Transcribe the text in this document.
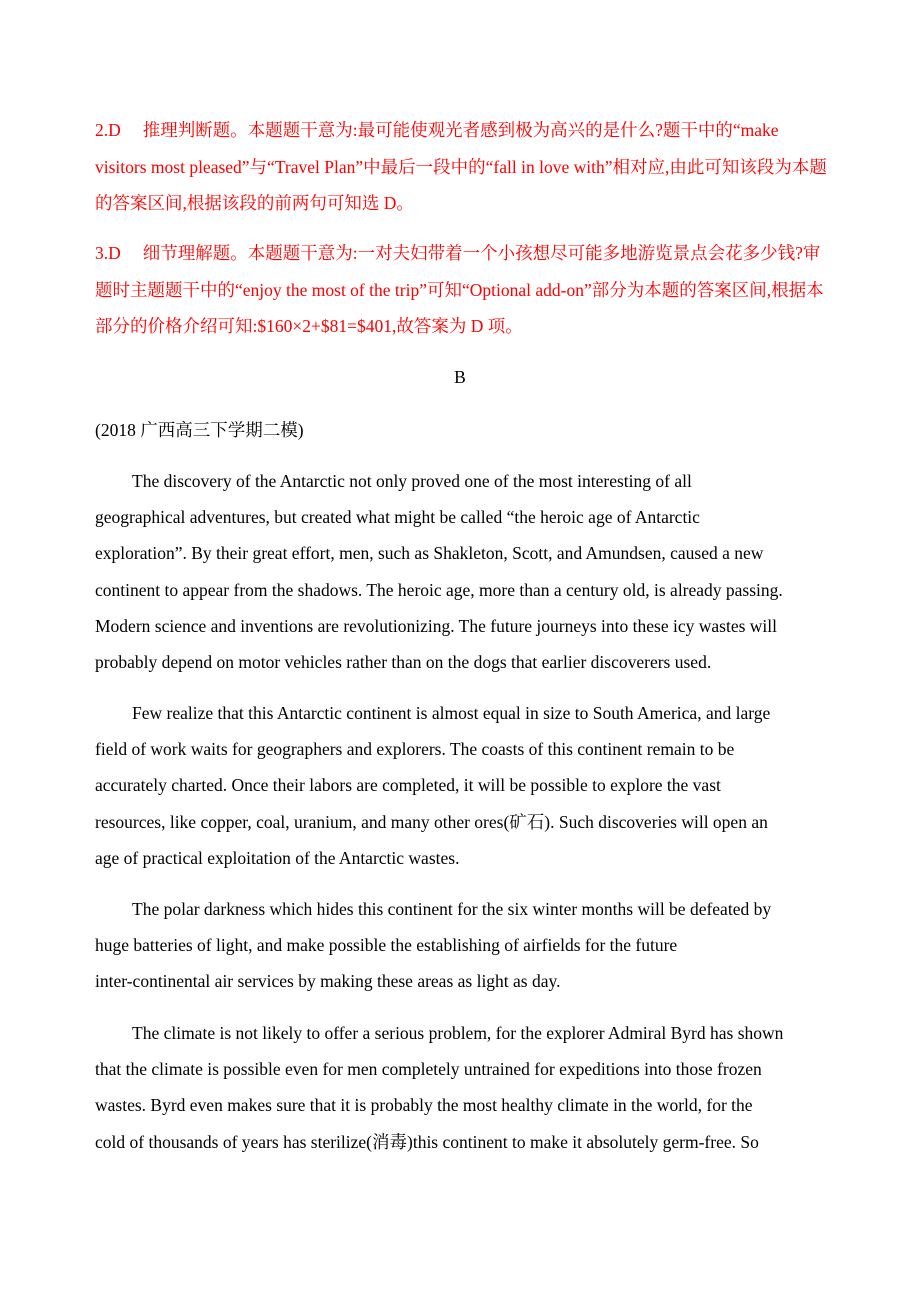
2.D 推理判断题。本题题干意为:最可能使观光者感到极为高兴的是什么?题干中的“make visitors most pleased”与“Travel Plan”中最后一段中的“fall in love with”相对应,由此可知该段为本题的答案区间,根据该段的前两句可知选 D。

3.D 细节理解题。本题题干意为:一对夫妇带着一个小孩想尽可能多地游览景点会花多少钱?审题时主题题干中的“enjoy the most of the trip”可知“Optional add-on”部分为本题的答案区间,根据本部分的价格介绍可知:$160×2+$81=$401,故答案为 D 项。

B

(2018 广西高三下学期二模)

The discovery of the Antarctic not only proved one of the most interesting of all
geographical adventures, but created what might be called “the heroic age of Antarctic
exploration”. By their great effort, men, such as Shakleton, Scott, and Amundsen, caused a new
continent to appear from the shadows. The heroic age, more than a century old, is already passing.
Modern science and inventions are revolutionizing. The future journeys into these icy wastes will
probably depend on motor vehicles rather than on the dogs that earlier discoverers used.

Few realize that this Antarctic continent is almost equal in size to South America, and large
field of work waits for geographers and explorers. The coasts of this continent remain to be
accurately charted. Once their labors are completed, it will be possible to explore the vast
resources, like copper, coal, uranium, and many other ores(矿石). Such discoveries will open an
age of practical exploitation of the Antarctic wastes.

The polar darkness which hides this continent for the six winter months will be defeated by
huge batteries of light, and make possible the establishing of airfields for the future
inter-continental air services by making these areas as light as day.

The climate is not likely to offer a serious problem, for the explorer Admiral Byrd has shown
that the climate is possible even for men completely untrained for expeditions into those frozen
wastes. Byrd even makes sure that it is probably the most healthy climate in the world, for the
cold of thousands of years has sterilize(消毒)this continent to make it absolutely germ-free. So
